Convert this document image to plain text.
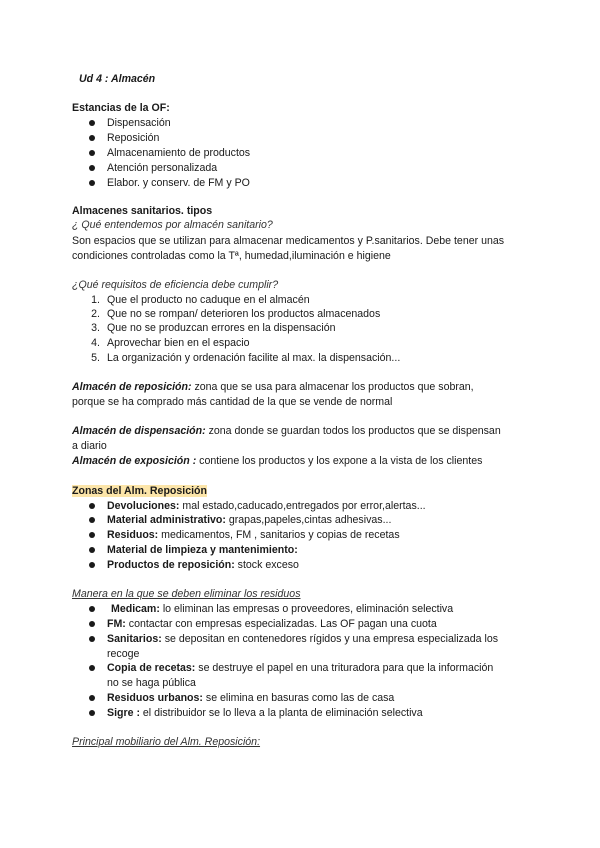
Ud 4 : Almacén
Estancias de la OF:
Dispensación
Reposición
Almacenamiento de productos
Atención personalizada
Elabor. y conserv. de FM y PO
Almacenes sanitarios. tipos
¿ Qué entendemos por almacén sanitario?
Son espacios que se utilizan para almacenar medicamentos y P.sanitarios. Debe tener unas
condiciones controladas como la Tª, humedad,iluminación e higiene
¿Qué requisitos de eficiencia debe cumplir?
1. Que el producto no caduque en el almacén
2. Que no se rompan/ deterioren los productos almacenados
3. Que no se produzcan errores en la dispensación
4. Aprovechar bien en el espacio
5. La organización y ordenación facilite al max. la dispensación...
Almacén de reposición: zona que se usa para almacenar los productos que sobran,
porque se ha comprado más cantidad de la que se vende de normal
Almacén de dispensación: zona donde se guardan todos los productos que se dispensan
a diario
Almacén de exposición : contiene los productos y los expone a la vista de los clientes
Zonas del Alm. Reposición
Devoluciones: mal estado,caducado,entregados por error,alertas...
Material administrativo: grapas,papeles,cintas adhesivas...
Residuos: medicamentos, FM , sanitarios y copias de recetas
Material de limpieza y mantenimiento:
Productos de reposición: stock exceso
Manera en la que se deben eliminar los residuos
Medicam: lo eliminan las empresas o proveedores, eliminación selectiva
FM: contactar con empresas especializadas. Las OF pagan una cuota
Sanitarios: se depositan en contenedores rígidos y una empresa especializada los
recoge
Copia de recetas: se destruye el papel en una trituradora para que la información
no se haga pública
Residuos urbanos: se elimina en basuras como las de casa
Sigre : el distribuidor se lo lleva a la planta de eliminación selectiva
Principal mobiliario del Alm. Reposición:
